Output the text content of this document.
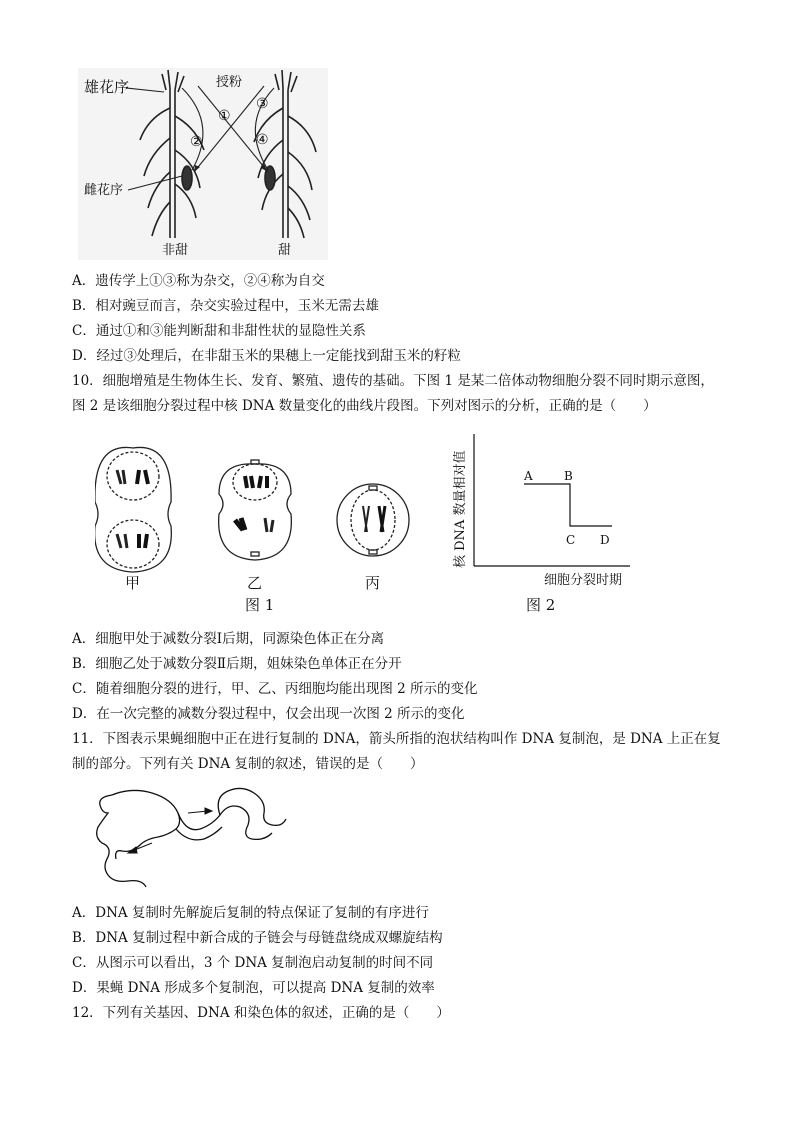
雄花序	授粉
雌花序
①
②
③
④
非甜	甜
A．遗传学上①③称为杂交，②④称为自交
B．相对豌豆而言，杂交实验过程中，玉米无需去雄
C．通过①和③能判断甜和非甜性状的显隐性关系
D．经过③处理后，在非甜玉米的果穗上一定能找到甜玉米的籽粒
10．细胞增殖是生物体生长、发育、繁殖、遗传的基础。下图 1 是某二倍体动物细胞分裂不同时期示意图，
图 2 是该细胞分裂过程中核 DNA 数量变化的曲线片段图。下列对图示的分析，正确的是（　　）
甲	乙	丙
图 1
核 DNA 数量相对值
细胞分裂时期
A	B
C D
图 2
A．细胞甲处于减数分裂Ⅰ后期，同源染色体正在分离
B．细胞乙处于减数分裂Ⅱ后期，姐妹染色单体正在分开
C．随着细胞分裂的进行，甲、乙、丙细胞均能出现图 2 所示的变化
D．在一次完整的减数分裂过程中，仅会出现一次图 2 所示的变化
11．下图表示果蝇细胞中正在进行复制的 DNA，箭头所指的泡状结构叫作 DNA 复制泡，是 DNA 上正在复
制的部分。下列有关 DNA 复制的叙述，错误的是（　　）
A．DNA 复制时先解旋后复制的特点保证了复制的有序进行
B．DNA 复制过程中新合成的子链会与母链盘绕成双螺旋结构
C．从图示可以看出，3 个 DNA 复制泡启动复制的时间不同
D．果蝇 DNA 形成多个复制泡，可以提高 DNA 复制的效率
12．下列有关基因、DNA 和染色体的叙述，正确的是（　　）
